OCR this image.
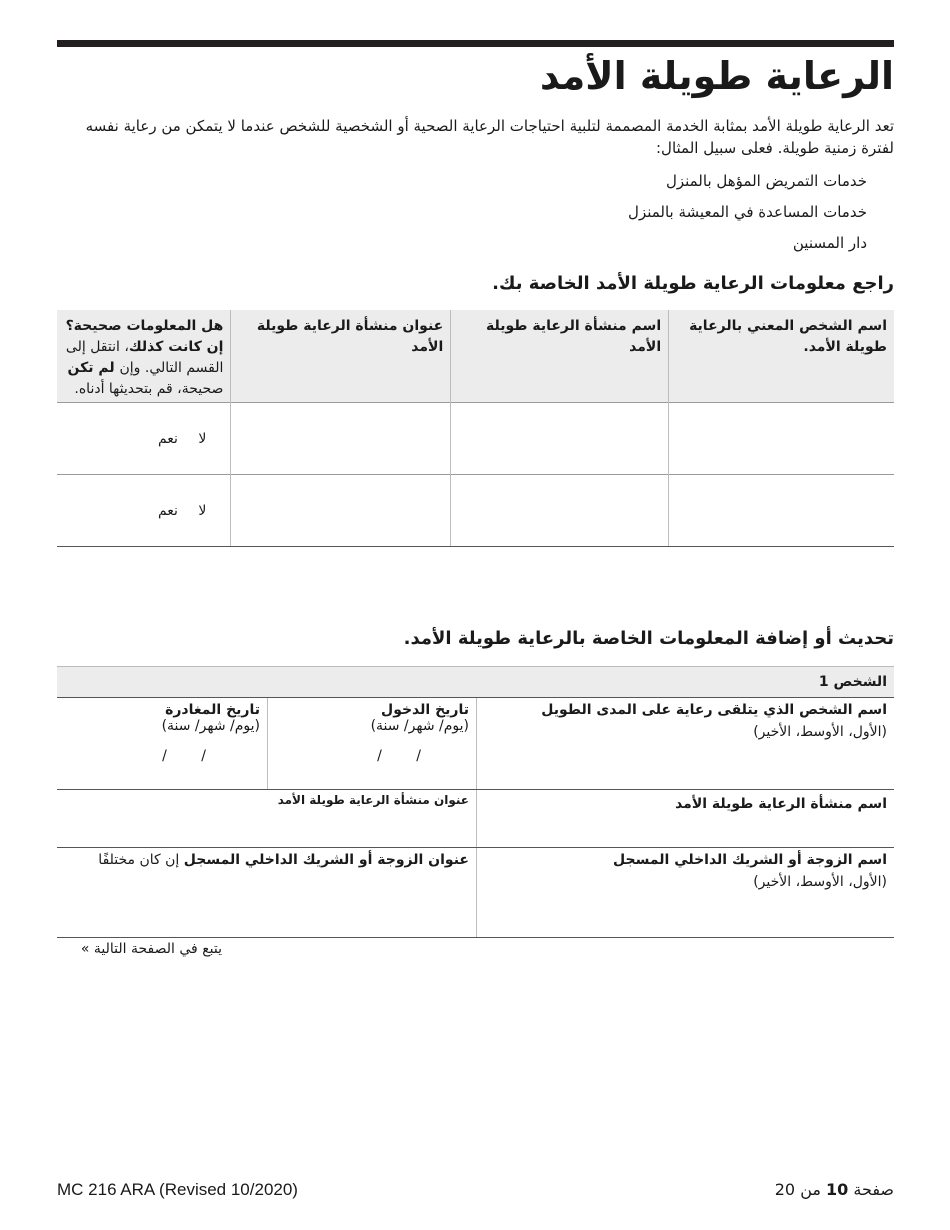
الرعاية طويلة الأمد
تعد الرعاية طويلة الأمد بمثابة الخدمة المصممة لتلبية احتياجات الرعاية الصحية أو الشخصية للشخص عندما لا يتمكن من رعاية نفسه لفترة زمنية طويلة. فعلى سبيل المثال:
خدمات التمريض المؤهل بالمنزل
خدمات المساعدة في المعيشة بالمنزل
دار المسنين
راجع معلومات الرعاية طويلة الأمد الخاصة بك.
اسم الشخص المعني بالرعاية طويلة الأمد.	اسم منشأة الرعاية طويلة الأمد	عنوان منشأة الرعاية طويلة الأمد	هل المعلومات صحيحة؟ إن كانت كذلك، انتقل إلى القسم التالي. وإن لم تكن صحيحة، قم بتحديثها أدناه.
			لا نعم
			لا نعم
تحديث أو إضافة المعلومات الخاصة بالرعاية طويلة الأمد.
الشخص 1
اسم الشخص الذي يتلقى رعاية على المدى الطويل
(الأول، الأوسط، الأخير)
تاريخ الدخول
(يوم/ شهر/ سنة)
/ /
تاريخ المغادرة
(يوم/ شهر/ سنة)
/ /
اسم منشأة الرعاية طويلة الأمد
عنوان منشأة الرعاية طويلة الأمد
اسم الزوجة أو الشريك الداخلي المسجل
(الأول، الأوسط، الأخير)
عنوان الزوجة أو الشريك الداخلي المسجل إن كان مختلفًا
يتبع في الصفحة التالية »
MC 216 ARA (Revised 10/2020)	صفحة 10 من 20
